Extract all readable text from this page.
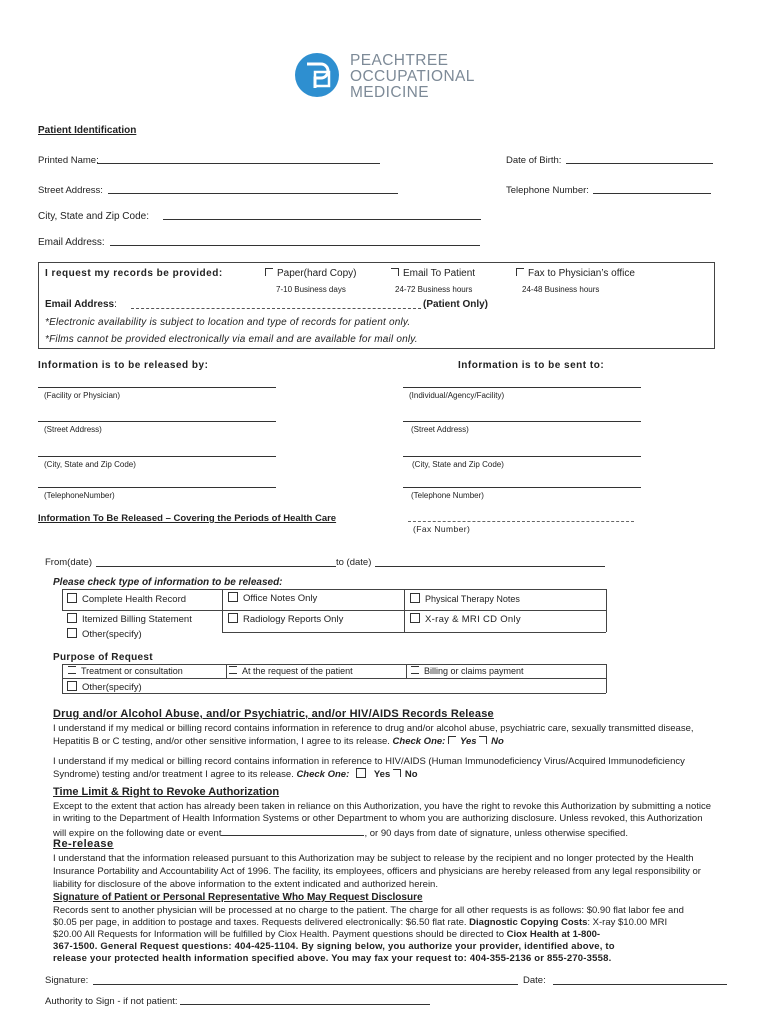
PEACHTREE
OCCUPATIONAL
MEDICINE
Patient Identification
Printed Name:	Date of Birth:
Street Address:	Telephone Number:
City, State and Zip Code:
Email Address:
I request my records be provided:	Paper(hard Copy)	Email To Patient	Fax to Physician’s office
7-10 Business days	24-72 Business hours	24-48 Business hours
Email Address:	(Patient Only)
*Electronic availability is subject to location and type of records for patient only.
*Films cannot be provided electronically via email and are available for mail only.
Information is to be released by:	Information is to be sent to:
(Facility or Physician)	(Individual/Agency/Facility)
(Street Address)	(Street Address)
(City, State and Zip Code)	(City, State and Zip Code)
(TelephoneNumber)	(Telephone Number)
Information To Be Released – Covering the Periods of Health Care
(Fax Number)
From(date)	to (date)
Please check type of information to be released:
Complete Health Record	Office Notes Only	Physical Therapy Notes
Itemized Billing Statement	Radiology Reports Only	X-ray & MRI CD Only
Other(specify)
Purpose of Request
Treatment or consultation	At the request of the patient	Billing or claims payment
Other(specify)
Drug and/or Alcohol Abuse, and/or Psychiatric, and/or HIV/AIDS Records Release
I understand if my medical or billing record contains information in reference to drug and/or alcohol abuse, psychiatric care, sexually transmitted disease,
Hepatitis B or C testing, and/or other sensitive information, I agree to its release. Check One: Yes No
I understand if my medical or billing record contains information in reference to HIV/AIDS (Human Immunodeficiency Virus/Acquired Immunodeficiency
Syndrome) testing and/or treatment I agree to its release. Check One:	Yes No
Time Limit & Right to Revoke Authorization
Except to the extent that action has already been taken in reliance on this Authorization, you have the right to revoke this Authorization by submitting a notice
in writing to the Department of Health Information Systems or other Department to whom you are authorizing disclosure. Unless revoked, this Authorization
will expire on the following date or event	, or 90 days from date of signature, unless otherwise specified.
Re-release
I understand that the information released pursuant to this Authorization may be subject to release by the recipient and no longer protected by the Health
Insurance Portability and Accountability Act of 1996. The facility, its employees, officers and physicians are hereby released from any legal responsibility or
liability for disclosure of the above information to the extent indicated and authorized herein.
Signature of Patient or Personal Representative Who May Request Disclosure
Records sent to another physician will be processed at no charge to the patient. The charge for all other requests is as follows: $0.90 flat labor fee and
$0.05 per page, in addition to postage and taxes. Requests delivered electronically: $6.50 flat rate. Diagnostic Copying Costs: X-ray $10.00 MRI
$20.00 All Requests for Information will be fulfilled by Ciox Health. Payment questions should be directed to Ciox Health at 1-800-
367-1500. General Request questions: 404-425-1104. By signing below, you authorize your provider, identified above, to
release your protected health information specified above. You may fax your request to: 404-355-2136 or 855-270-3558.
Signature:	Date:
Authority to Sign - if not patient:
